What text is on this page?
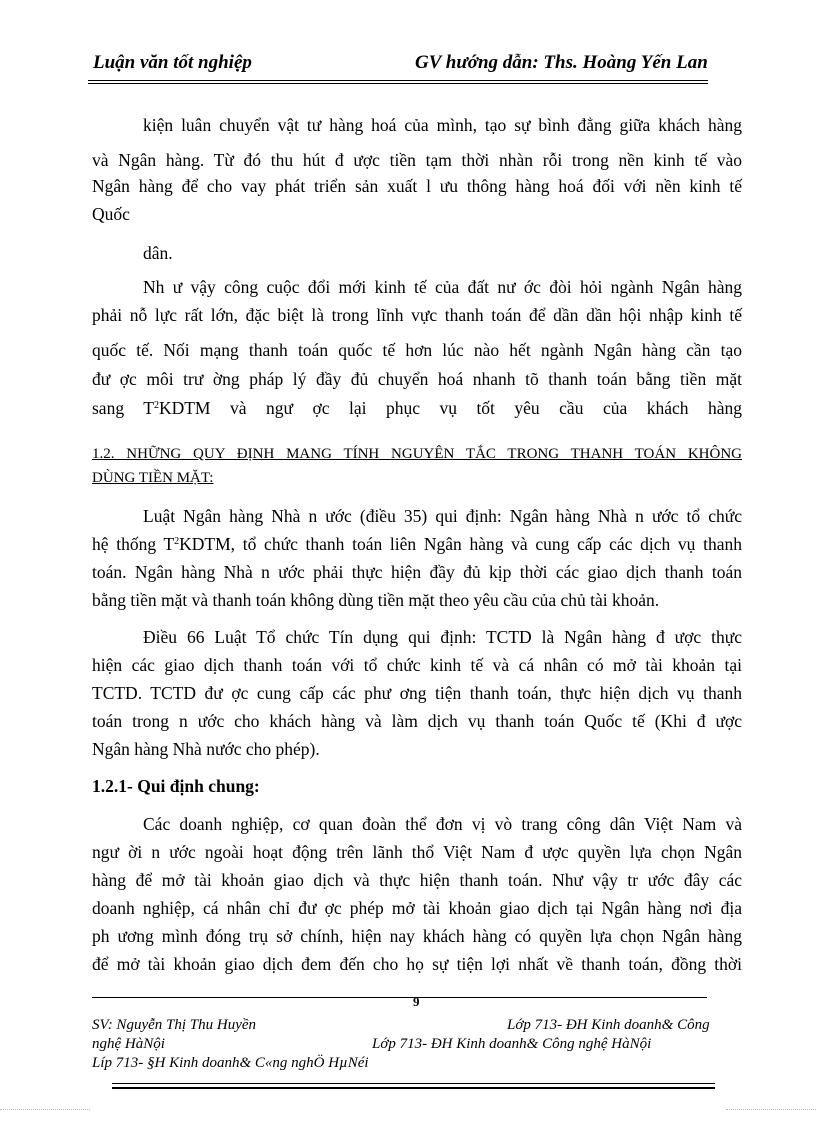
Luận văn tốt nghiệp	GV hướng dẫn: Ths. Hoàng Yến Lan
kiện luân chuyển vật tư hàng hoá của mình, tạo sự bình đẳng giữa khách hàng
và Ngân hàng. Từ đó thu hút đ ược tiền tạm thời nhàn rỗi trong nền kinh tế vào
Ngân hàng để cho vay phát triển sản xuất l ưu thông hàng hoá đối với nền kinh tế
Quốc
dân.
Nh ư vậy công cuộc đổi mới kinh tế của đất nư ớc đòi hỏi ngành Ngân hàng
phải nỗ lực rất lớn, đặc biệt là trong lĩnh vực thanh toán để dần dần hội nhập kinh tế
quốc tế. Nối mạng thanh toán quốc tế hơn lúc nào hết ngành Ngân hàng cần tạo
đư ợc môi trư ờng pháp lý đầy đủ chuyển hoá nhanh tõ thanh toán bằng tiền mặt
sang $T^2KDTM$ và ngư ợc lại phục vụ tốt yêu cầu của khách hàng
1.2. NHỮNG QUY ĐỊNH MANG TÍNH NGUYÊN TẮC TRONG THANH TOÁN KHÔNG
DÙNG TIỀN MẶT:
Luật Ngân hàng Nhà n ước (điều 35) qui định: Ngân hàng Nhà n ước tổ chức
hệ thống $T^2KDTM$, tổ chức thanh toán liên Ngân hàng và cung cấp các dịch vụ thanh
toán. Ngân hàng Nhà n ước phải thực hiện đầy đủ kịp thời các giao dịch thanh toán
bằng tiền mặt và thanh toán không dùng tiền mặt theo yêu cầu của chủ tài khoản.
Điều 66 Luật Tổ chức Tín dụng qui định: TCTD là Ngân hàng đ ược thực
hiện các giao dịch thanh toán với tổ chức kinh tế và cá nhân có mở tài khoản tại
TCTD. TCTD đư ợc cung cấp các phư ơng tiện thanh toán, thực hiện dịch vụ thanh
toán trong n ước cho khách hàng và làm dịch vụ thanh toán Quốc tế (Khi đ ược
Ngân hàng Nhà nước cho phép).
1.2.1- Qui định chung:
Các doanh nghiệp, cơ quan đoàn thể đơn vị vò trang công dân Việt Nam và
ngư ời n ước ngoài hoạt động trên lãnh thổ Việt Nam đ ược quyền lựa chọn Ngân
hàng để mở tài khoản giao dịch và thực hiện thanh toán. Như vậy tr ước đây các
doanh nghiệp, cá nhân chỉ đư ợc phép mở tài khoản giao dịch tại Ngân hàng nơi địa
ph ương mình đóng trụ sở chính, hiện nay khách hàng có quyền lựa chọn Ngân hàng
để mở tài khoản giao dịch đem đến cho họ sự tiện lợi nhất về thanh toán, đồng thời
9
SV: Nguyễn Thị Thu Huyền	Lớp 713- ĐH Kinh doanh& Công
nghệ HàNội	Lớp 713- ĐH Kinh doanh& Công nghệ HàNội
Líp 713- §H Kinh doanh& C«ng nghÖ HµNéi
